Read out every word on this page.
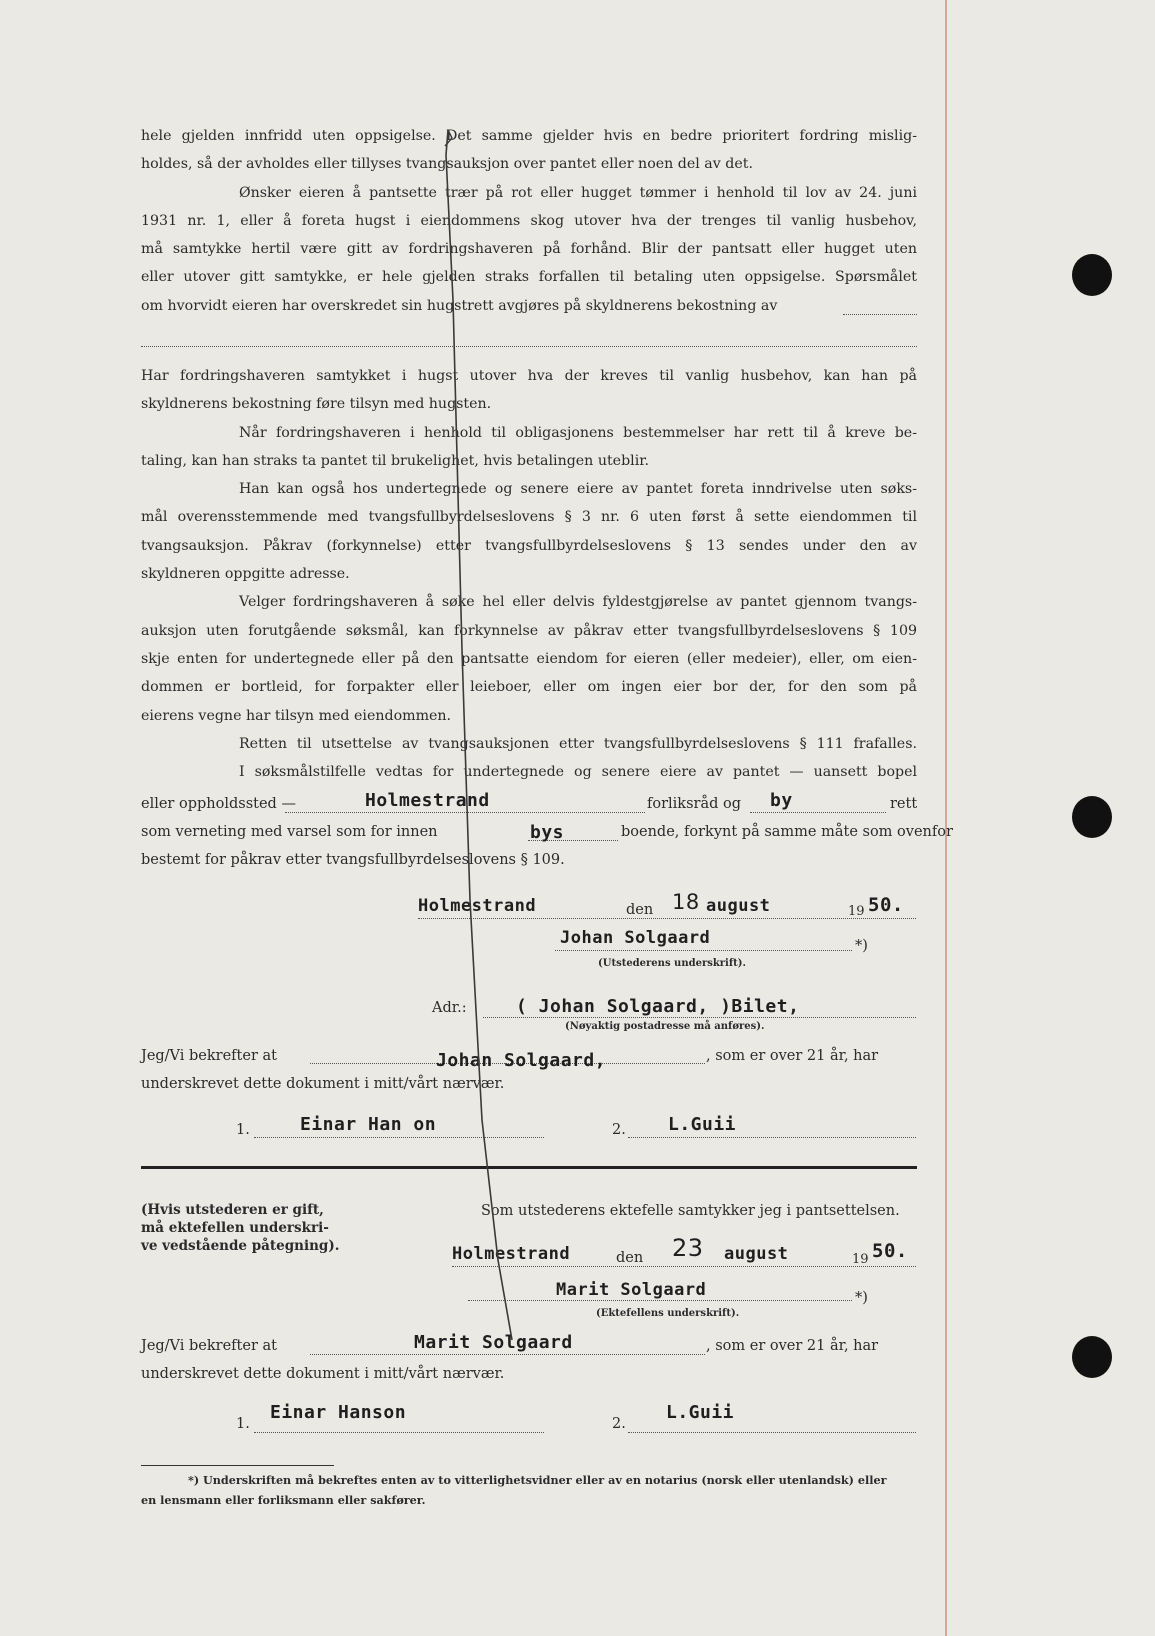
hele gjelden innfridd uten oppsigelse. Det samme gjelder hvis en bedre prioritert fordring mislig-
holdes, så der avholdes eller tillyses tvangsauksjon over pantet eller noen del av det.
Ønsker eieren å pantsette trær på rot eller hugget tømmer i henhold til lov av 24. juni
1931 nr. 1, eller å foreta hugst i eiendommens skog utover hva der trenges til vanlig husbehov,
må samtykke hertil være gitt av fordringshaveren på forhånd. Blir der pantsatt eller hugget uten
eller utover gitt samtykke, er hele gjelden straks forfallen til betaling uten oppsigelse. Spørsmålet
om hvorvidt eieren har overskredet sin hugstrett avgjøres på skyldnerens bekostning av
Har fordringshaveren samtykket i hugst utover hva der kreves til vanlig husbehov, kan han på
skyldnerens bekostning føre tilsyn med hugsten.
Når fordringshaveren i henhold til obligasjonens bestemmelser har rett til å kreve be-
taling, kan han straks ta pantet til brukelighet, hvis betalingen uteblir.
Han kan også hos undertegnede og senere eiere av pantet foreta inndrivelse uten søks-
mål overensstemmende med tvangsfullbyrdelseslovens § 3 nr. 6 uten først å sette eiendommen til
tvangsauksjon. Påkrav (forkynnelse) etter tvangsfullbyrdelseslovens § 13 sendes under den av
skyldneren oppgitte adresse.
Velger fordringshaveren å søke hel eller delvis fyldestgjørelse av pantet gjennom tvangs-
auksjon uten forutgående søksmål, kan forkynnelse av påkrav etter tvangsfullbyrdelseslovens § 109
skje enten for undertegnede eller på den pantsatte eiendom for eieren (eller medeier), eller, om eien-
dommen er bortleid, for forpakter eller leieboer, eller om ingen eier bor der, for den som på
eierens vegne har tilsyn med eiendommen.
Retten til utsettelse av tvangsauksjonen etter tvangsfullbyrdelseslovens § 111 frafalles.
I søksmålstilfelle vedtas for undertegnede og senere eiere av pantet — uansett bopel
eller oppholdssted —	Holmestrand	forliksråd og by	rett
som verneting med varsel som for innen	bys	boende, forkynt på samme måte som ovenfor
bestemt for påkrav etter tvangsfullbyrdelseslovens § 109.
Holmestrand	den 18 august	19 50.
Johan Solgaard	*)
(Utstederens underskrift).
Adr.:	( Johan Solgaard, )Bilet,
(Nøyaktig postadresse må anføres).
Jeg/Vi bekrefter at	Johan Solgaard,	, som er over 21 år, har
underskrevet dette dokument i mitt/vårt nærvær.
1.	Einar Han on	2. L.Guii
(Hvis utstederen er gift,
må ektefellen underskri-
ve vedstående påtegning).
Som utstederens ektefelle samtykker jeg i pantsettelsen.
Holmestrand	den 23 august	19 50.
Marit Solgaard	*)
(Ektefellens underskrift).
Jeg/Vi bekrefter at	Marit Solgaard	, som er over 21 år, har
underskrevet dette dokument i mitt/vårt nærvær.
1.
Einar Hanson
2.
L.Guii
*) Underskriften må bekreftes enten av to vitterlighetsvidner eller av en notarius (norsk eller utenlandsk) eller
en lensmann eller forliksmann eller sakfører.
